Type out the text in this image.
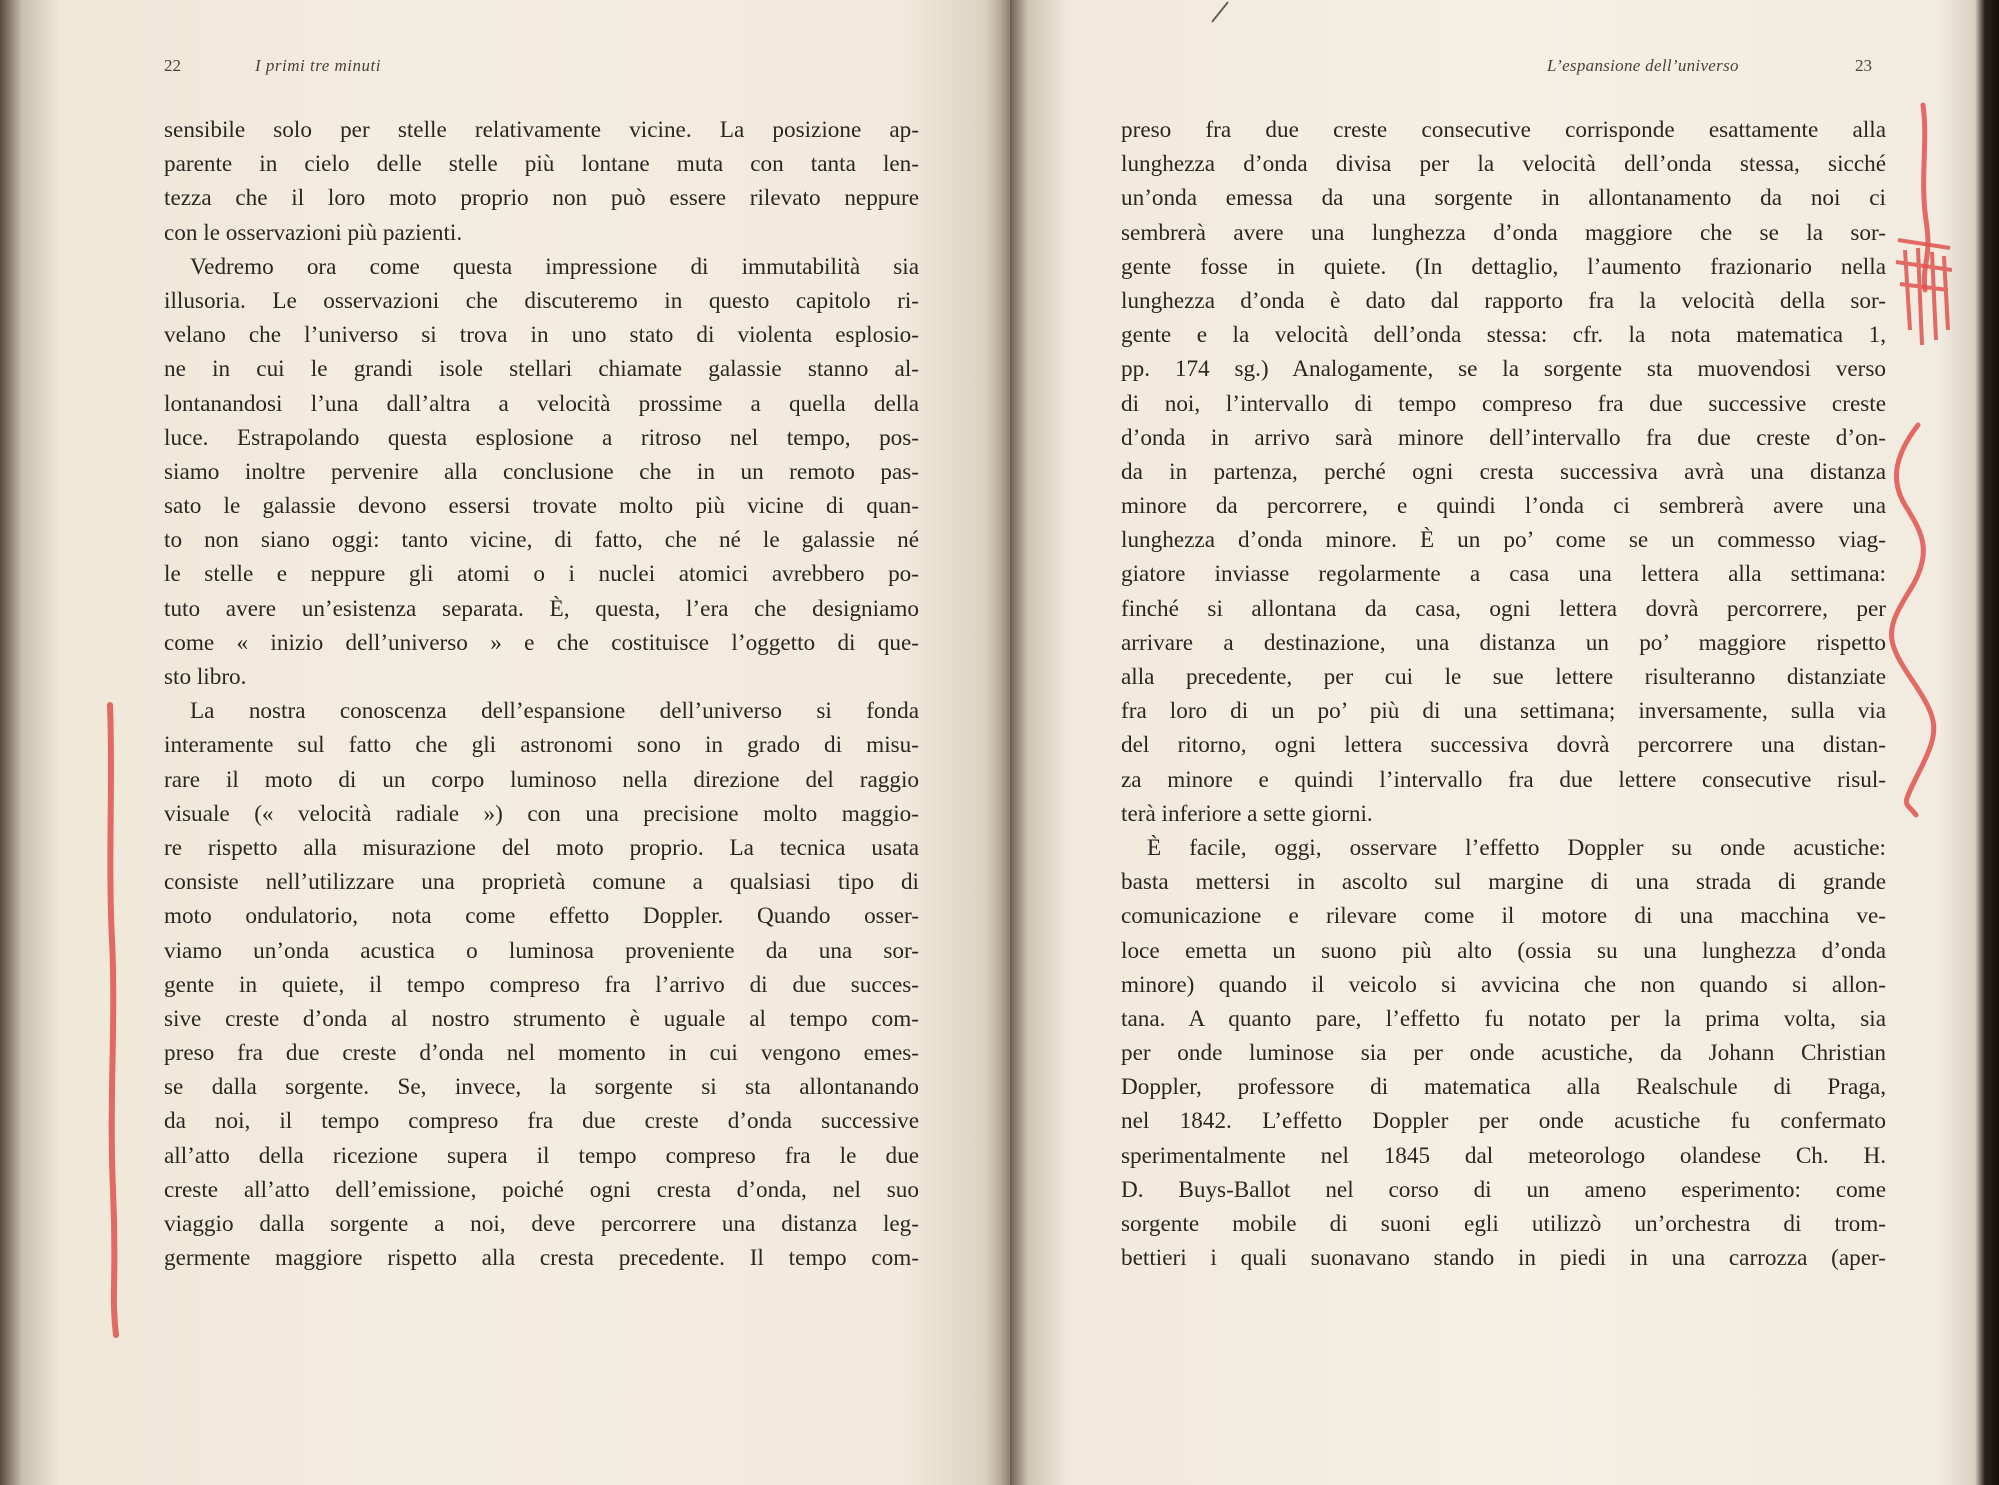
22	I primi tre minuti
sensibile solo per stelle relativamente vicine. La posizione ap-
parente in cielo delle stelle più lontane muta con tanta len-
tezza che il loro moto proprio non può essere rilevato neppure
con le osservazioni più pazienti.
Vedremo ora come questa impressione di immutabilità sia
illusoria. Le osservazioni che discuteremo in questo capitolo ri-
velano che l’universo si trova in uno stato di violenta esplosio-
ne in cui le grandi isole stellari chiamate galassie stanno al-
lontanandosi l’una dall’altra a velocità prossime a quella della
luce. Estrapolando questa esplosione a ritroso nel tempo, pos-
siamo inoltre pervenire alla conclusione che in un remoto pas-
sato le galassie devono essersi trovate molto più vicine di quan-
to non siano oggi: tanto vicine, di fatto, che né le galassie né
le stelle e neppure gli atomi o i nuclei atomici avrebbero po-
tuto avere un’esistenza separata. È, questa, l’era che designiamo
come « inizio dell’universo » e che costituisce l’oggetto di que-
sto libro.
La nostra conoscenza dell’espansione dell’universo si fonda
interamente sul fatto che gli astronomi sono in grado di misu-
rare il moto di un corpo luminoso nella direzione del raggio
visuale (« velocità radiale ») con una precisione molto maggio-
re rispetto alla misurazione del moto proprio. La tecnica usata
consiste nell’utilizzare una proprietà comune a qualsiasi tipo di
moto ondulatorio, nota come effetto Doppler. Quando osser-
viamo un’onda acustica o luminosa proveniente da una sor-
gente in quiete, il tempo compreso fra l’arrivo di due succes-
sive creste d’onda al nostro strumento è uguale al tempo com-
preso fra due creste d’onda nel momento in cui vengono emes-
se dalla sorgente. Se, invece, la sorgente si sta allontanando
da noi, il tempo compreso fra due creste d’onda successive
all’atto della ricezione supera il tempo compreso fra le due
creste all’atto dell’emissione, poiché ogni cresta d’onda, nel suo
viaggio dalla sorgente a noi, deve percorrere una distanza leg-
germente maggiore rispetto alla cresta precedente. Il tempo com-
L’espansione dell’universo	23
preso fra due creste consecutive corrisponde esattamente alla
lunghezza d’onda divisa per la velocità dell’onda stessa, sicché
un’onda emessa da una sorgente in allontanamento da noi ci
sembrerà avere una lunghezza d’onda maggiore che se la sor-
gente fosse in quiete. (In dettaglio, l’aumento frazionario nella
lunghezza d’onda è dato dal rapporto fra la velocità della sor-
gente e la velocità dell’onda stessa: cfr. la nota matematica 1,
pp. 174 sg.) Analogamente, se la sorgente sta muovendosi verso
di noi, l’intervallo di tempo compreso fra due successive creste
d’onda in arrivo sarà minore dell’intervallo fra due creste d’on-
da in partenza, perché ogni cresta successiva avrà una distanza
minore da percorrere, e quindi l’onda ci sembrerà avere una
lunghezza d’onda minore. È un po’ come se un commesso viag-
giatore inviasse regolarmente a casa una lettera alla settimana:
finché si allontana da casa, ogni lettera dovrà percorrere, per
arrivare a destinazione, una distanza un po’ maggiore rispetto
alla precedente, per cui le sue lettere risulteranno distanziate
fra loro di un po’ più di una settimana; inversamente, sulla via
del ritorno, ogni lettera successiva dovrà percorrere una distan-
za minore e quindi l’intervallo fra due lettere consecutive risul-
terà inferiore a sette giorni.
È facile, oggi, osservare l’effetto Doppler su onde acustiche:
basta mettersi in ascolto sul margine di una strada di grande
comunicazione e rilevare come il motore di una macchina ve-
loce emetta un suono più alto (ossia su una lunghezza d’onda
minore) quando il veicolo si avvicina che non quando si allon-
tana. A quanto pare, l’effetto fu notato per la prima volta, sia
per onde luminose sia per onde acustiche, da Johann Christian
Doppler, professore di matematica alla Realschule di Praga,
nel 1842. L’effetto Doppler per onde acustiche fu confermato
sperimentalmente nel 1845 dal meteorologo olandese Ch. H.
D. Buys-Ballot nel corso di un ameno esperimento: come
sorgente mobile di suoni egli utilizzò un’orchestra di trom-
bettieri i quali suonavano stando in piedi in una carrozza (aper-
